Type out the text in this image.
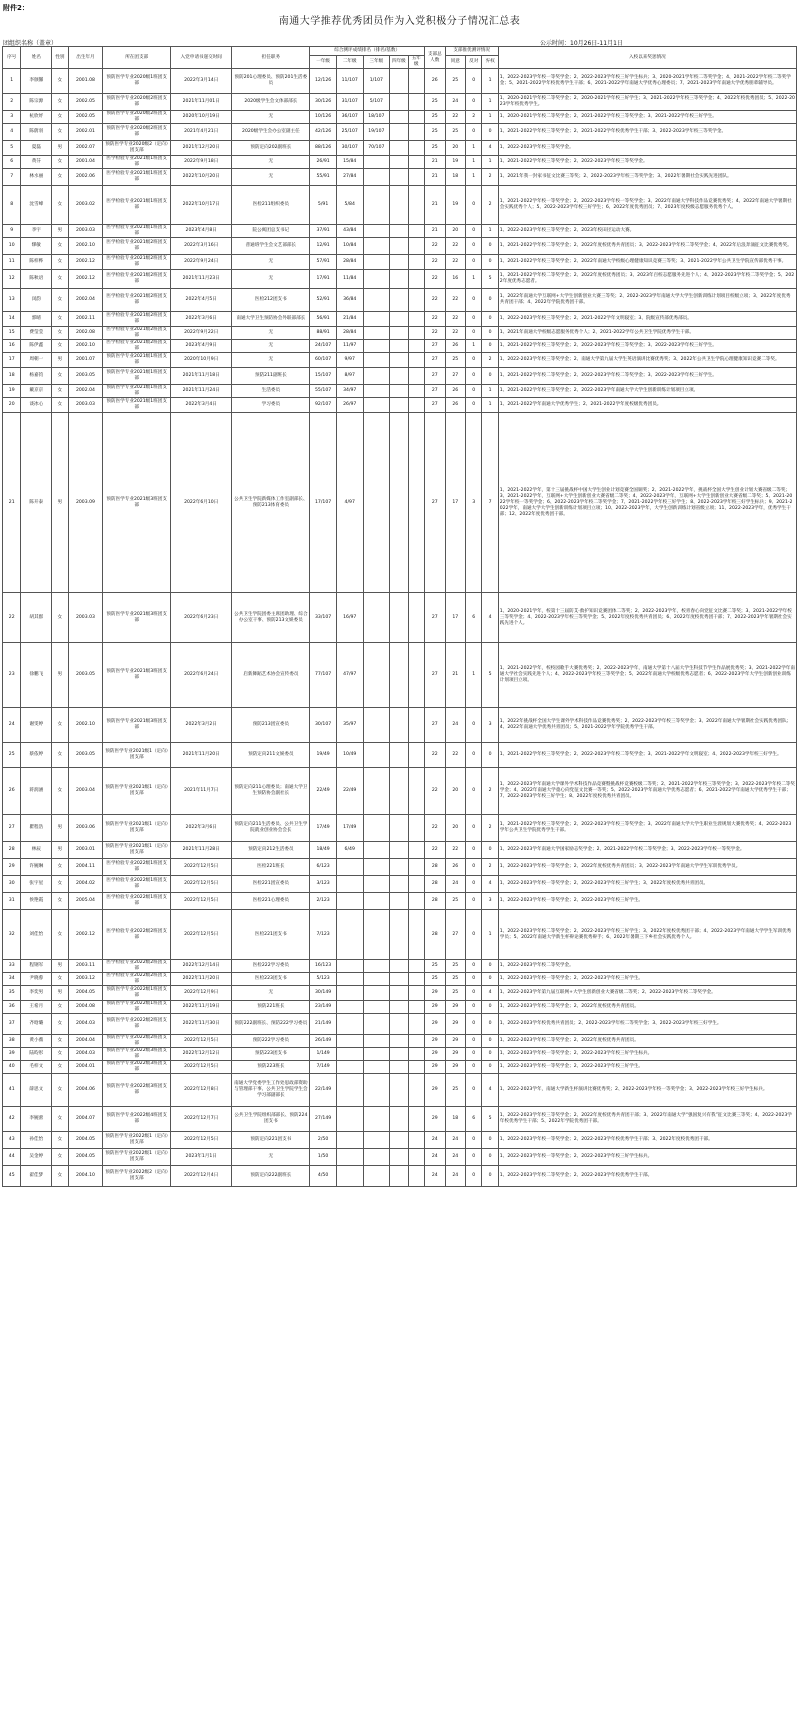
附件2：
南通大学推荐优秀团员作为入党积极分子情况汇总表
团组织名称（盖章）	公示时间：10月26日-11月1日
序号	姓名	性别	出生年月	所在团支部	入党申请书递交时间	担任职务	综合测评成绩排名（排名/基数）					支部总人数	支部推优测评情况			入校以来奖惩情况
							一年级	二年级	三年级	四年级	五年级		同意	反对	弃权	
1	李颀馨	女	2001.08	预防医学专业2020级1班团支部	2022年3月14日	预防201心理委员、预防201生活委员	12/126	11/107	1/107			26	25	0	1	1、2022-2023学年校一等奖学金；2、2022-2023学年校三好学生标兵；3、2020-2021学年校二等奖学金；4、2021-2022学年校二等奖学金；5、2021-2022学年校优秀学生干部；6、2021-2022学年南通大学优秀心理委员；7、2021-2023学年南通大学优秀朋辈辅导员。
2	陈宗源	女	2002.05	预防医学专业2020级2班团支部	2021年11月01日	2020级学生会文体部部长	30/126	31/107	5/107			25	24	0	1	1、2020-2021学年校二等奖学金；2、2020-2021学年校三好学生；3、2021-2022学年校三等奖学金；4、2022年校优秀团员；5、2022-2023学年校优秀学生。
3	杭欣妤	女	2002.05	预防医学专业2020级2班团支部	2020年10月19日	无	10/126	36/107	18/107			25	22	2	1	1、2020-2021学年校二等奖学金；2、2021-2022学年校三等奖学金；3、2021-2022学年校三好学生。
4	陈蔚羽	女	2002.01	预防医学专业2020级2班团支部	2021年4月21日	2020级学生会办公室副主任	42/126	25/107	19/107			25	25	0	0	1、2021-2022学年校三等奖学金；2、2021-2022学年校优秀学生干部；3、2022-2023学年校三等奖学金。
5	夏磊	男	2002.07	预防医学专业2020级2（定向）团支部	2021年12月20日	预防定向202副班长	88/126	30/107	70/107			25	20	1	4	1、2022-2023学年校三等奖学金。
6	黄芬	女	2001.04	医学检验专业2021级1班团支部	2022年9月18日	无	26/91	15/84				21	19	1	1	1、2021-2022学年校三等奖学金；2、2022-2023学年校三等奖学金。
7	林水丽	女	2002.06	医学检验专业2021级1班团支部	2022年10月20日	无	55/91	27/84				21	18	1	2	1、2021年我一封家书征文比赛三等奖；2、2022-2023学年校三等奖学金；3、2022年暑期社会实践先进团队。
8	沈雪峰	女	2003.02	医学检验专业2021级1班团支部	2022年10月17日	医检211组织委员	5/91	5/84				21	19	0	2	1、2021-2022学年校一等奖学金；2、2022-2023学年校一等奖学金；3、2022年南通大学科技作品竞赛优秀奖；4、2022年南通大学暑期社会实践优秀个人；5、2022-2023学年校三好学生；6、2022年度优秀团员；7、2023年度校级志愿服务优秀个人。
9	李宇	男	2003.03	医学检验专业2021级1班团支部	2023年4月8日	院公寓团总支书记	37/91	43/84				21	20	0	1	1、2022-2023学年校三等奖学金；2、2023年校田径运动大赛。
10	缪敏	女	2002.10	医学检验专业2021级2班团支部	2022年3月16日	普通班学生会文艺部部长	12/91	10/84				22	22	0	0	1、2021-2022学年校二等奖学金；2、2022年度校优秀共青团员；3、2022-2023学年校二等奖学金；4、2022年后浪奔涌征文比赛优秀奖。
11	陈梓桦	女	2002.12	医学检验专业2021级2班团支部	2022年9月24日	无	57/91	28/84				22	22	0	0	1、2021-2022学年校三等奖学金；2、2022年南通大学校级心理健康知识竞赛三等奖；3、2021-2022学年公共卫生学院宣传部优秀干事。
12	陈秋语	女	2002.12	医学检验专业2021级2班团支部	2021年11月23日	无	17/91	11/84				22	16	1	5	1、2021-2022学年校二等奖学金；2、2022年度校优秀团员；3、2023年百校志愿服务先进个人；4、2022-2023学年校二等奖学金；5、2022年度优秀志愿者。
13	闵韵	女	2002.04	医学检验专业2021级2班团支部	2022年4月5日	医检212团支书	52/91	36/84				22	22	0	0	1、2022年南通大学互联网+大学生创新创业大赛三等奖；2、2022-2023学年南通大学大学生创新训练计划项目校级立项；3、2022年度优秀共青团干部；4、2022年学院优秀团干部。
14	郭晴	女	2002.11	医学检验专业2021级2班团支部	2022年3月6日	南通大学卫生预防协会外联部部长	56/91	21/84				22	22	0	0	1、2022-2023学年校三等奖学金；2、2021-2022学年文明寝室；3、院级宣传部优秀部员。
15	费莹莹	女	2002.08	医学检验专业2021级2班团支部	2022年9月22日	无	88/91	28/84				22	22	0	0	1、2021年南通大学校级志愿服务优秀个人；2、2021-2022学年公共卫生学院优秀学生干部。
16	陈伊鑫	女	2002.10	医学检验专业2021级2班团支部	2023年4月9日	无	24/107	11/97				27	26	1	0	1、2021-2022学年校三等奖学金；2、2022-2023学年校三等奖学金；3、2022-2023学年校三好学生。
17	周朝一	男	2001.07	预防医学专业2021级1班团支部	2020年10月9日	无	60/107	9/97				27	25	0	2	1、2022-2023学年校三等奖学金；2、南通大学第九届大学生英语演讲比赛优秀奖；3、2022年公共卫生学院心理健康知识竞赛二等奖。
18	杨嘉钧	女	2003.05	预防医学专业2021级1班团支部	2021年11月18日	预防211副班长	15/107	8/97				27	27	0	0	1、2021-2022学年校二等奖学金；2、2022-2023学年校二等奖学金；3、2022-2023学年校三好学生。
19	戴京京	女	2002.04	预防医学专业2021级1班团支部	2021年11月24日	生活委员	55/107	34/97				27	26	0	1	1、2021-2022学年校三等奖学金；2、2022-2023学年南通大学大学生创新训练计划项目立项。
20	谈冰心	女	2003.03	预防医学专业2021级1班团支部	2022年3月4日	学习委员	92/107	26/97				27	26	0	1	1、2021-2022学年南通大学优秀学生；2、2021-2022学年度校级优秀团员。
21	陈开泰	男	2003.09	预防医学专业2021级3班团支部	2022年6月10日	公共卫生学院新媒体工作室副部长、预防213体育委员	17/107	4/97				27	17	3	7	1、2021-2022学年，第十三届挑战杯中国大学生创业计划竞赛全国铜奖；2、2021-2022学年，挑战杯全国大学生创业计划大赛省级二等奖；3、2021-2022学年，互联网+大学生创新创业大赛省级二等奖；4、2022-2023学年，互联网+大学生创新创业大赛省级二等奖；5、2021-2022学年校一等奖学金；6、2022-2023学年校二等奖学金；7、2021-2022学年校三好学生；8、2022-2023学年校三好学生标兵；9、2021-2022学年，南通大学大学生创新训练计划项目立项；10、2022-2023学年，大学生创新训练计划省级立项；11、2022-2023学年，优秀学生干部；12、2022年度优秀团干部。
22	胡其群	女	2003.03	预防医学专业2021级3班团支部	2022年6月23日	公共卫生学院团委主席团助理、综合办公室干事、预防213文娱委员	33/107	16/97				27	17	6	4	1、2020-2021学年，校第十三届防艾·救护知识竞赛团体二等奖；2、2022-2023学年，校青春心向党征文比赛二等奖；3、2021-2022学年校三等奖学金；4、2022-2023学年校三等奖学金；5、2022年度校优秀共青团员；6、2022年度校优秀团干部；7、2022-2023学年暑期社会实践先进个人。
23	徐鹏飞	男	2003.05	预防医学专业2021级3班团支部	2022年6月24日	启新舞蹈艺术协会宣传委员	77/107	47/97				27	21	1	5	1、2021-2022学年，校校园歌手大赛优秀奖；2、2022-2023学年，南通大学第十八届大学生科技节学生作品展优秀奖；3、2021-2022学年南通大学社会实践先进个人；4、2022-2023学年校三等奖学金；5、2022年南通大学校级优秀志愿者；6、2022-2023学年大学生创新创业训练计划项目立项。
24	谢雯婷	女	2002.10	预防医学专业2021级3班团支部	2022年3月2日	预防213团宣委员	30/107	35/97				27	24	0	3	1、2022年挑战杯全国大学生课外学术科技作品竞赛优秀奖；2、2022-2023学年校三等奖学金；3、2022年南通大学暑期社会实践优秀团队；4、2022年南通大学优秀共青团员；5、2021-2022学年学院优秀学生干部。
25	蔡依婷	女	2003.05	预防医学专业2021级1（定向）团支部	2021年11月20日	预防定向211文娱委员	19/49	10/49				22	22	0	0	1、2021-2022学年校三等奖学金；2、2022-2023学年校二等奖学金；3、2021-2022学年文明寝室；4、2022-2023学年校三好学生。
26	蒋润涵	女	2003.04	预防医学专业2021级1（定向）团支部	2021年11月7日	预防定向211心理委员；南通大学卫生预防协会副社长	22/49	22/49				22	20	0	2	1、2022-2023学年南通大学课外学术科技作品竞赛暨挑战杯竞赛校级二等奖；2、2021-2022学年校三等奖学金；3、2022-2023学年校二等奖学金；4、2022年南通大学童心向党征文比赛一等奖；5、2022-2023学年南通大学优秀志愿者；6、2021-2022学年南通大学优秀学生干部；7、2022-2023学年校三好学生；8、2022年度校优秀共青团员。
27	瞿程浩	男	2003.06	预防医学专业2021级1（定向）团支部	2022年3月6日	预防定向211生活委员、公共卫生学院就业创业协会会长	17/49	17/49				22	20	0	2	1、2021-2022学年校三等奖学金；2、2022-2023学年校三等奖学金；3、2022年南通大学大学生职业生涯规划大赛优秀奖；4、2022-2023学年公共卫生学院优秀学生干部。
28	林辰	男	2003.01	预防医学专业2021级1（定向）团支部	2021年11月28日	预防定向212生活委员	18/49	6/49				22	22	0	0	1、2022-2023学年南通大学国家励志奖学金；2、2021-2022学年校二等奖学金；3、2022-2023学年校一等奖学金。
29	许婉琳	女	2004.11	医学检验专业2022级1班团支部	2022年12月5日	医检221班长	6/123					28	26	0	2	1、2022-2023学年校一等奖学金；2、2022年度校优秀共青团员；3、2022-2023学年南通大学学生军训优秀学员。
30	张宇星	女	2004.02	医学检验专业2022级1班团支部	2022年12月5日	医检221团宣委员	3/123					28	24	0	4	1、2022-2023学年校一等奖学金；2、2022-2023学年校三好学生；3、2022年度校优秀共青团员。
31	侯艳霞	女	2005.04	医学检验专业2022级1班团支部	2022年12月5日	医检221心理委员	2/123					28	25	0	3	1、2022-2023学年校一等奖学金；2、2022-2023学年校三好学生。
32	刘佳怡	女	2002.12	医学检验专业2022级2班团支部	2022年12月5日	医检221团支书	7/123					28	27	0	1	1、2022-2023学年校二等奖学金；2、2022-2023学年校三好学生；3、2022年度校优秀团干部；4、2022-2023学年南通大学学生军训优秀学员；5、2022年南通大学新生杯辩论赛优秀辩手；6、2022年暑期三下乡社会实践优秀个人。
33	程钢军	男	2003.11	医学检验专业2022级2班团支部	2022年12月14日	医检222学习委员	16/123					25	25	0	0	1、2022-2023学年校二等奖学金。
34	尹晓蓉	女	2003.12	医学检验专业2022级2班团支部	2022年11月20日	医检223团支书	5/123					25	25	0	0	1、2022-2023学年校一等奖学金；2、2022-2023学年校三好学生。
35	李奕男	男	2004.05	预防医学专业2022级1班团支部	2022年12月9日	无	30/149					29	25	0	4	1、2022-2023学年第九届互联网+大学生创新创业大赛省级二等奖；2、2022-2023学年校二等奖学金。
36	王希月	女	2004.08	预防医学专业2022级1班团支部	2022年11月19日	预防221班长	23/149					29	29	0	0	1、2022-2023学年校二等奖学金；2、2022年度校优秀共青团员。
37	齐晗璐	女	2004.03	预防医学专业2022级2班团支部	2022年11月30日	预防222副班长、预防222学习委员	21/149					29	29	0	0	1、2022-2023学年校优秀共青团员；2、2022-2023学年校二等奖学金；3、2022-2023学年校三好学生。
38	黄小薇	女	2004.04	预防医学专业2022级2班团支部	2022年12月5日	预防222学习委员	26/149					29	29	0	0	1、2022-2023学年校二等奖学金；2、2022年度校优秀共青团员。
39	陆昀彤	女	2004.03	预防医学专业2022级3班团支部	2022年12月12日	预防223团支书	1/149					29	29	0	0	1、2022-2023学年校一等奖学金；2、2022-2023学年校三好学生标兵。
40	毛梓文	女	2004.01	预防医学专业2022级3班团支部	2022年12月5日	预防223班长	7/149					29	29	0	0	1、2022-2023学年校一等奖学金；2、2022-2023学年校三好学生。
41	薛思文	女	2004.06	预防医学专业2022级3班团支部	2022年12月8日	南通大学党委学生工作处思政部资助与管理部干事、公共卫生学院学生会学习部副部长	22/149					29	25	0	4	1、2022-2023学年，南通大学新生杯演讲比赛优秀奖；2、2022-2023学年校一等奖学金；3、2022-2023学年校三好学生标兵。
42	李婉蕾	女	2004.07	预防医学专业2022级4班团支部	2022年12月7日	公共卫生学院组织部部长、预防224团支书	27/149					29	18	6	5	1、2022-2023学年校三等奖学金；2、2022年度校优秀共青团干部；3、2022年南通大学“强国复兴有我”征文比赛三等奖；4、2022-2023学年校优秀学生干部；5、2022年学院优秀团干部。
43	孙佳怡	女	2004.05	预防医学专业2022级1（定向）团支部	2022年12月5日	预防定向221团支书	2/50					24	24	0	0	1、2022-2023学年校一等奖学金；2、2022-2023学年校优秀学生干部；3、2022年度校优秀团干部。
44	吴金婷	女	2004.05	预防医学专业2022级1（定向）团支部	2023年1月1日	无	1/50					24	24	0	0	1、2022-2023学年校一等奖学金；2、2022-2023学年校三好学生标兵。
45	翟佳梦	女	2004.10	预防医学专业2022级2（定向）团支部	2022年12月4日	预防定向222副班长	4/50					24	24	0	0	1、2022-2023学年校二等奖学金；2、2022-2023学年校优秀学生干部。
